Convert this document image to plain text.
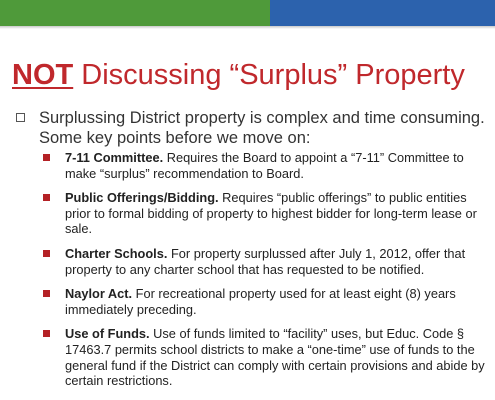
NOT Discussing “Surplus” Property

Surplussing District property is complex and time consuming. Some key points before we move on:

7-11 Committee. Requires the Board to appoint a “7-11” Committee to make “surplus” recommendation to Board.
Public Offerings/Bidding. Requires “public offerings” to public entities prior to formal bidding of property to highest bidder for long-term lease or sale.
Charter Schools. For property surplussed after July 1, 2012, offer that property to any charter school that has requested to be notified.
Naylor Act. For recreational property used for at least eight (8) years immediately preceding.
Use of Funds. Use of funds limited to “facility” uses, but Educ. Code § 17463.7 permits school districts to make a “one-time” use of funds to the general fund if the District can comply with certain provisions and abide by certain restrictions.
